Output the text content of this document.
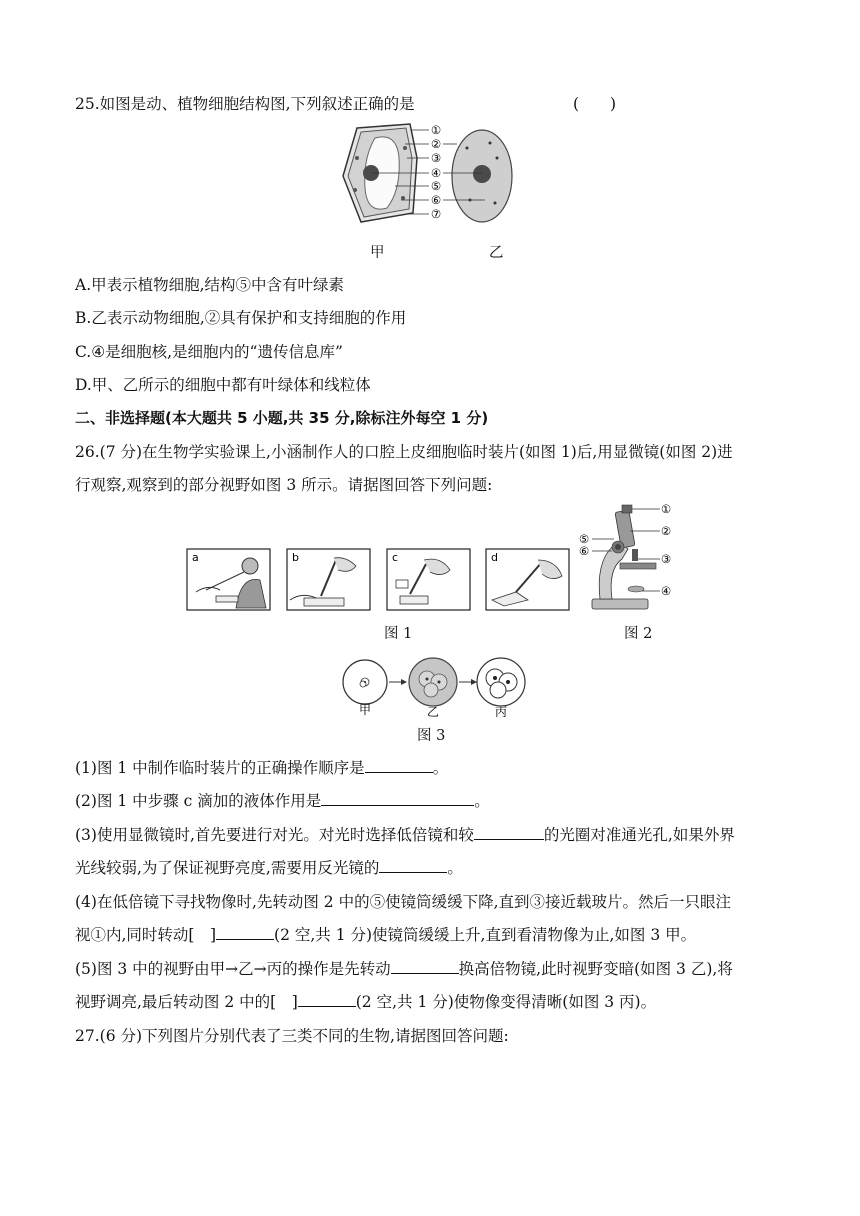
25.如图是动、植物细胞结构图,下列叙述正确的是	(　　)
①
②
③
④
⑤
⑥
⑦
甲	乙
A.甲表示植物细胞,结构⑤中含有叶绿素
B.乙表示动物细胞,②具有保护和支持细胞的作用
C.④是细胞核,是细胞内的“遗传信息库”
D.甲、乙所示的细胞中都有叶绿体和线粒体
二、非选择题(本大题共 5 小题,共 35 分,除标注外每空 1 分)
26.(7 分)在生物学实验课上,小涵制作人的口腔上皮细胞临时装片(如图 1)后,用显微镜(如图 2)进
行观察,观察到的部分视野如图 3 所示。请据图回答下列问题:
a	b	c	d
①
②
③
④
⑤
⑥
图 1	图 2
甲	乙	丙
图 3
(1)图 1 中制作临时装片的正确操作顺序是	。
(2)图 1 中步骤 c 滴加的液体作用是	。
(3)使用显微镜时,首先要进行对光。对光时选择低倍镜和较	的光圈对准通光孔,如果外界
光线较弱,为了保证视野亮度,需要用反光镜的	。
(4)在低倍镜下寻找物像时,先转动图 2 中的⑤使镜筒缓缓下降,直到③接近载玻片。然后一只眼注
视①内,同时转动[　]	(2 空,共 1 分)使镜筒缓缓上升,直到看清物像为止,如图 3 甲。
(5)图 3 中的视野由甲→乙→丙的操作是先转动	换高倍物镜,此时视野变暗(如图 3 乙),将
视野调亮,最后转动图 2 中的[　]	(2 空,共 1 分)使物像变得清晰(如图 3 丙)。
27.(6 分)下列图片分别代表了三类不同的生物,请据图回答问题:
